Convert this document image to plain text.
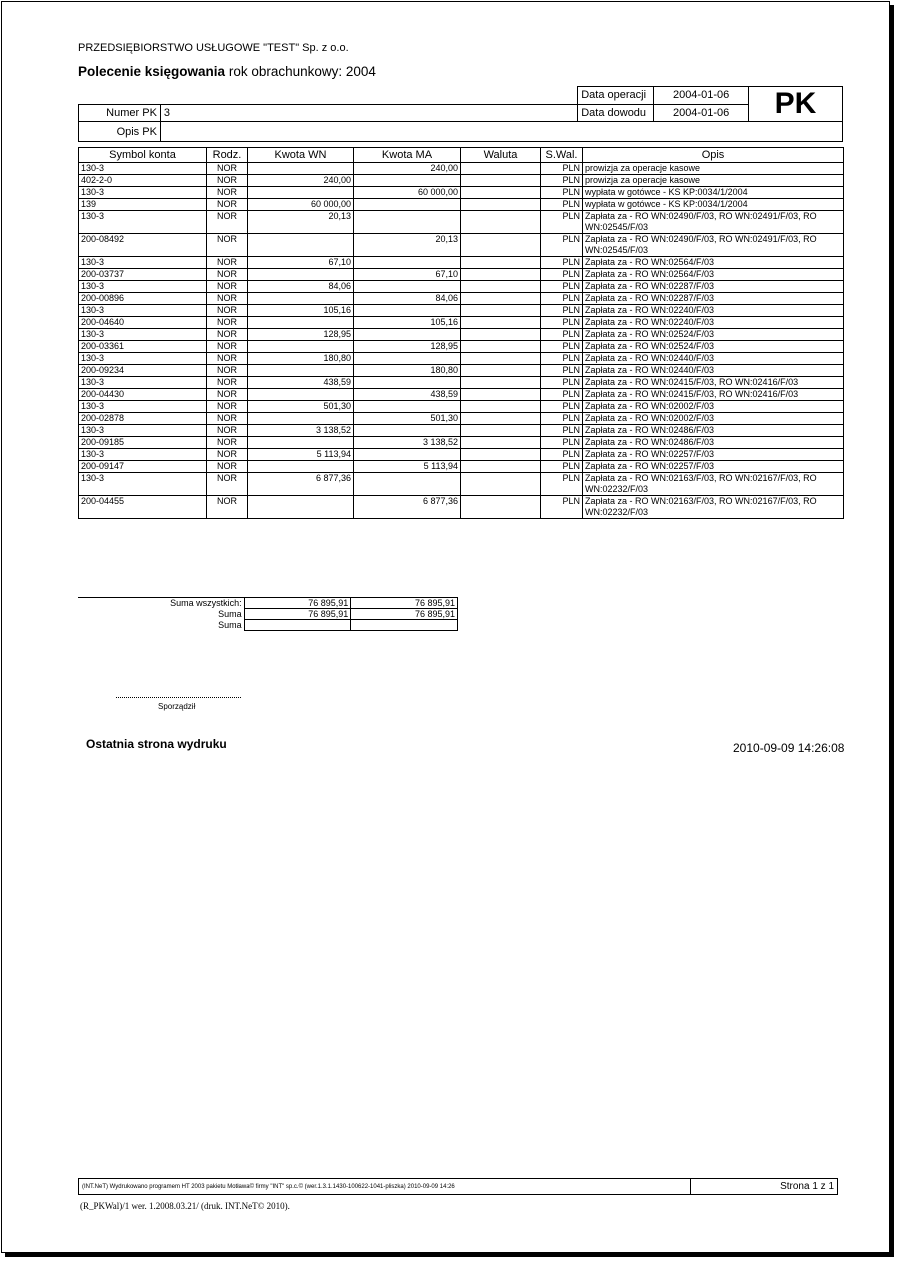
PRZEDSIĘBIORSTWO USŁUGOWE "TEST" Sp. z o.o.
Polecenie księgowania rok obrachunkowy: 2004
		Data operacji	2004-01-06	PK
Numer PK	3	Data dowodu	2004-01-06	
Opis PK				
Symbol konta	Rodz.	Kwota WN	Kwota MA	Waluta	S.Wal.	Opis
130-3	NOR		240,00		PLN	prowizja za operacje kasowe
402-2-0	NOR	240,00			PLN	prowizja za operacje kasowe
130-3	NOR		60 000,00		PLN	wypłata w gotówce - KS KP:0034/1/2004
139	NOR	60 000,00			PLN	wypłata w gotówce - KS KP:0034/1/2004
130-3	NOR	20,13			PLN	Zapłata za - RO WN:02490/F/03, RO WN:02491/F/03, RO WN:02545/F/03
200-08492	NOR		20,13		PLN	Zapłata za - RO WN:02490/F/03, RO WN:02491/F/03, RO WN:02545/F/03
130-3	NOR	67,10			PLN	Zapłata za - RO WN:02564/F/03
200-03737	NOR		67,10		PLN	Zapłata za - RO WN:02564/F/03
130-3	NOR	84,06			PLN	Zapłata za - RO WN:02287/F/03
200-00896	NOR		84,06		PLN	Zapłata za - RO WN:02287/F/03
130-3	NOR	105,16			PLN	Zapłata za - RO WN:02240/F/03
200-04640	NOR		105,16		PLN	Zapłata za - RO WN:02240/F/03
130-3	NOR	128,95			PLN	Zapłata za - RO WN:02524/F/03
200-03361	NOR		128,95		PLN	Zapłata za - RO WN:02524/F/03
130-3	NOR	180,80			PLN	Zapłata za - RO WN:02440/F/03
200-09234	NOR		180,80		PLN	Zapłata za - RO WN:02440/F/03
130-3	NOR	438,59			PLN	Zapłata za - RO WN:02415/F/03, RO WN:02416/F/03
200-04430	NOR		438,59		PLN	Zapłata za - RO WN:02415/F/03, RO WN:02416/F/03
130-3	NOR	501,30			PLN	Zapłata za - RO WN:02002/F/03
200-02878	NOR		501,30		PLN	Zapłata za - RO WN:02002/F/03
130-3	NOR	3 138,52			PLN	Zapłata za - RO WN:02486/F/03
200-09185	NOR		3 138,52		PLN	Zapłata za - RO WN:02486/F/03
130-3	NOR	5 113,94			PLN	Zapłata za - RO WN:02257/F/03
200-09147	NOR		5 113,94		PLN	Zapłata za - RO WN:02257/F/03
130-3	NOR	6 877,36			PLN	Zapłata za - RO WN:02163/F/03, RO WN:02167/F/03, RO WN:02232/F/03
200-04455	NOR		6 877,36		PLN	Zapłata za - RO WN:02163/F/03, RO WN:02167/F/03, RO WN:02232/F/03
Suma wszystkich:	76 895,91	76 895,91
Suma	76 895,91	76 895,91
Suma		
Sporządził
Ostatnia strona wydruku	2010-09-09 14:26:08
(INT.NeT) Wydrukowano programem HT 2003 pakietu Motława© firmy "INT" sp.c.© (wer.1.3.1.1430-100622-1041-pliszka) 2010-09-09 14:26	Strona 1 z 1
(R_PKWal)/1 wer. 1.2008.03.21/ (druk. INT.NeT© 2010).
